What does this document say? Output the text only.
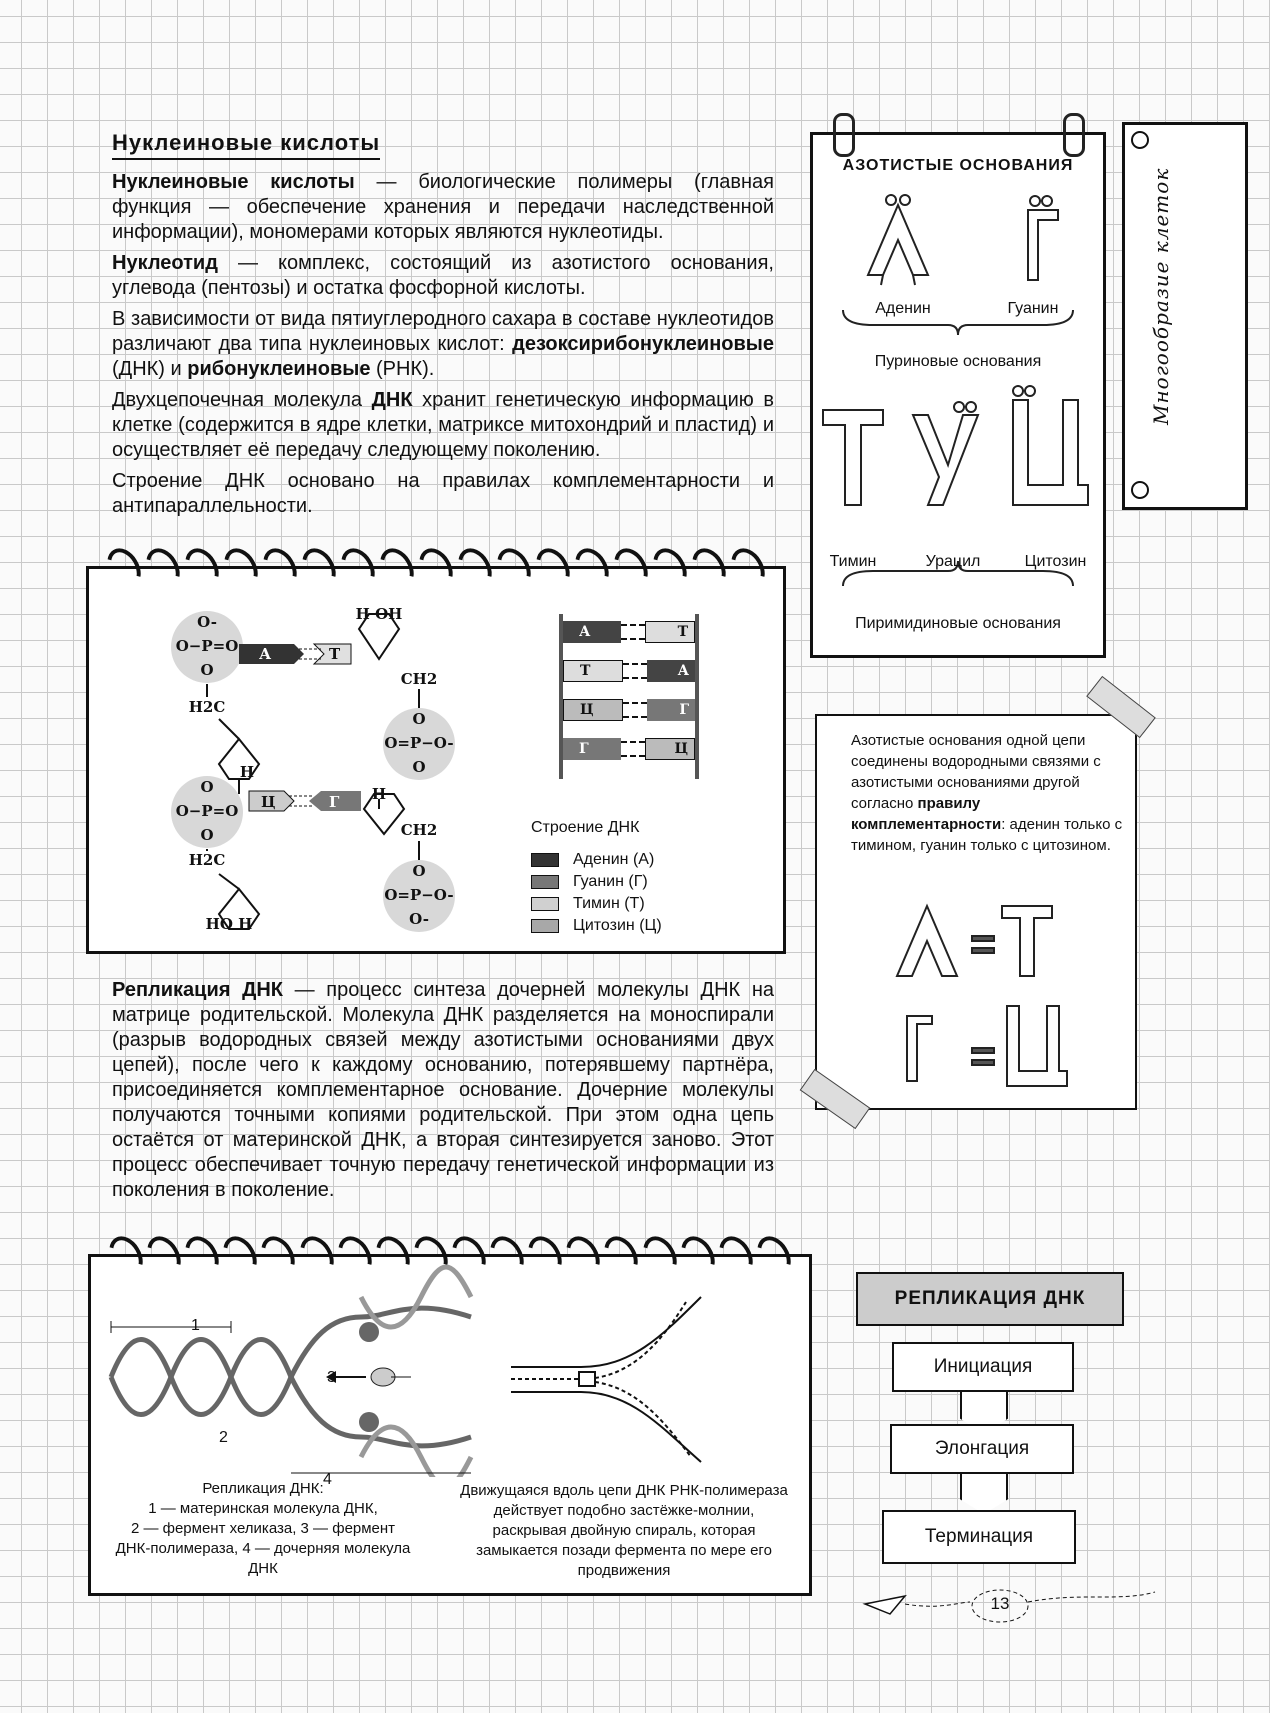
Нуклеиновые кислоты

Нуклеиновые кислоты — биологические полимеры (главная функция — обеспечение хранения и передачи наследственной информации), мономерами которых являются нуклеотиды.

Нуклеотид — комплекс, состоящий из азотистого основания, углевода (пентозы) и остатка фосфорной кислоты.

В зависимости от вида пятиуглеродного сахара в составе нуклеотидов различают два типа нуклеиновых кислот: дезоксирибонуклеиновые (ДНК) и рибонуклеиновые (РНК).

Двухцепочечная молекула ДНК хранит генетическую информацию в клетке (содержится в ядре клетки, матриксе митохондрий и пластид) и осуществляет её передачу следующему поколению.

Строение ДНК основано на правилах комплементарности и антипараллельности.

АЗОТИСТЫЕ ОСНОВАНИЯ
Аденин	Гуанин
Пуриновые основания
Тимин	Урацил	Цитозин
Пиримидиновые основания
Многообразие клеток
Азотистые основания одной цепи соединены водородными связями с азотистыми основаниями другой согласно правилу комплементарности: аденин только с тимином, гуанин только с цитозином.
O-
O−P=O
O
O
O−P=O
O
O
O=P−O-
O
O
O=P−O-
O-
H2C
H2C
CH2
CH2
H
H
H OH
HO H
А	Т
Ц	Г
А	Т
Т	А
Ц	Г
Г	Ц
Строение ДНК
Аденин (А)
Гуанин (Г)
Тимин (Т)
Цитозин (Ц)

Репликация ДНК — процесс синтеза дочерней молекулы ДНК на матрице родительской. Молекула ДНК разделяется на моноспирали (разрыв водородных связей между азотистыми основаниями двух цепей), после чего к каждому основанию, потерявшему партнёра, присоединяется комплементарное основание. Дочерние молекулы получаются точными копиями родительской. При этом одна цепь остаётся от материнской ДНК, а вторая синтезируется заново. Этот процесс обеспечивает точную передачу генетической информации из поколения в поколение.

1
2
3
4
Репликация ДНК:
1 — материнская молекула ДНК,
2 — фермент хеликаза, 3 — фермент ДНК-полимераза, 4 — дочерняя молекула ДНК
Движущаяся вдоль цепи ДНК РНК-полимераза действует подобно застёжке-молнии, раскрывая двойную спираль, которая замыкается позади фермента по мере его продвижения
РЕПЛИКАЦИЯ ДНК
Инициация
Элонгация
Терминация
13
